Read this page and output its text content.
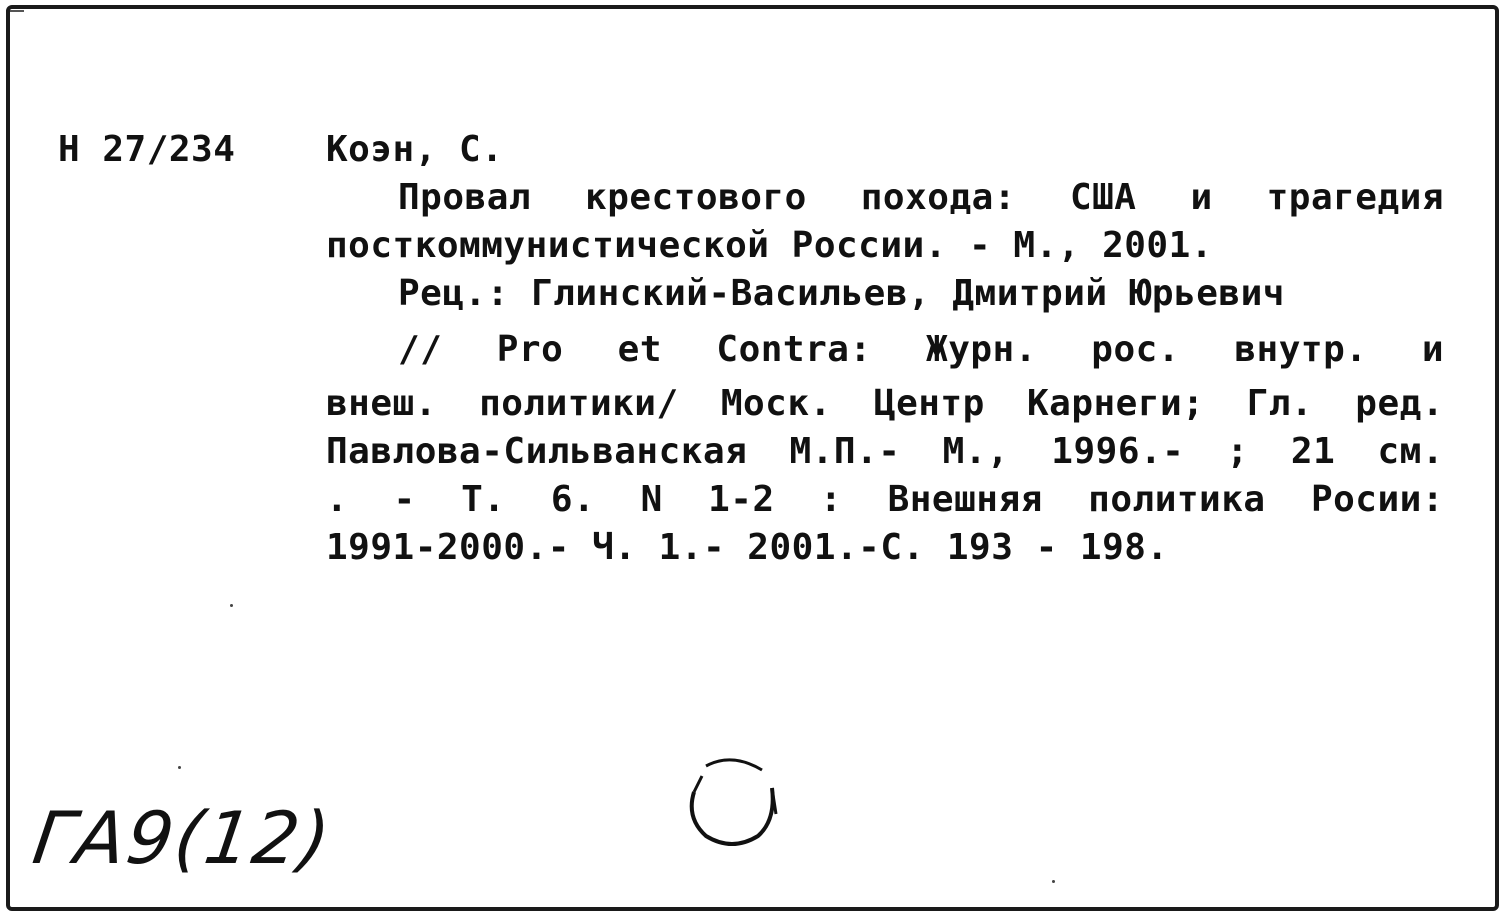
Н 27/234	Коэн, С.
Провал крестового похода: США и трагедия
посткоммунистической России. - М., 2001.
Рец.: Глинский-Васильев, Дмитрий Юрьевич
// Pro et Contra: Журн. рос. внутр. и
внеш. политики/ Моск. Центр Карнеги; Гл. ред.
Павлова-Сильванская М.П.- М., 1996.- ; 21 см.
. - Т. 6. N 1-2 : Внешняя политика Росии:
1991-2000.- Ч. 1.- 2001.-С. 193 - 198.
ГА9(12)
